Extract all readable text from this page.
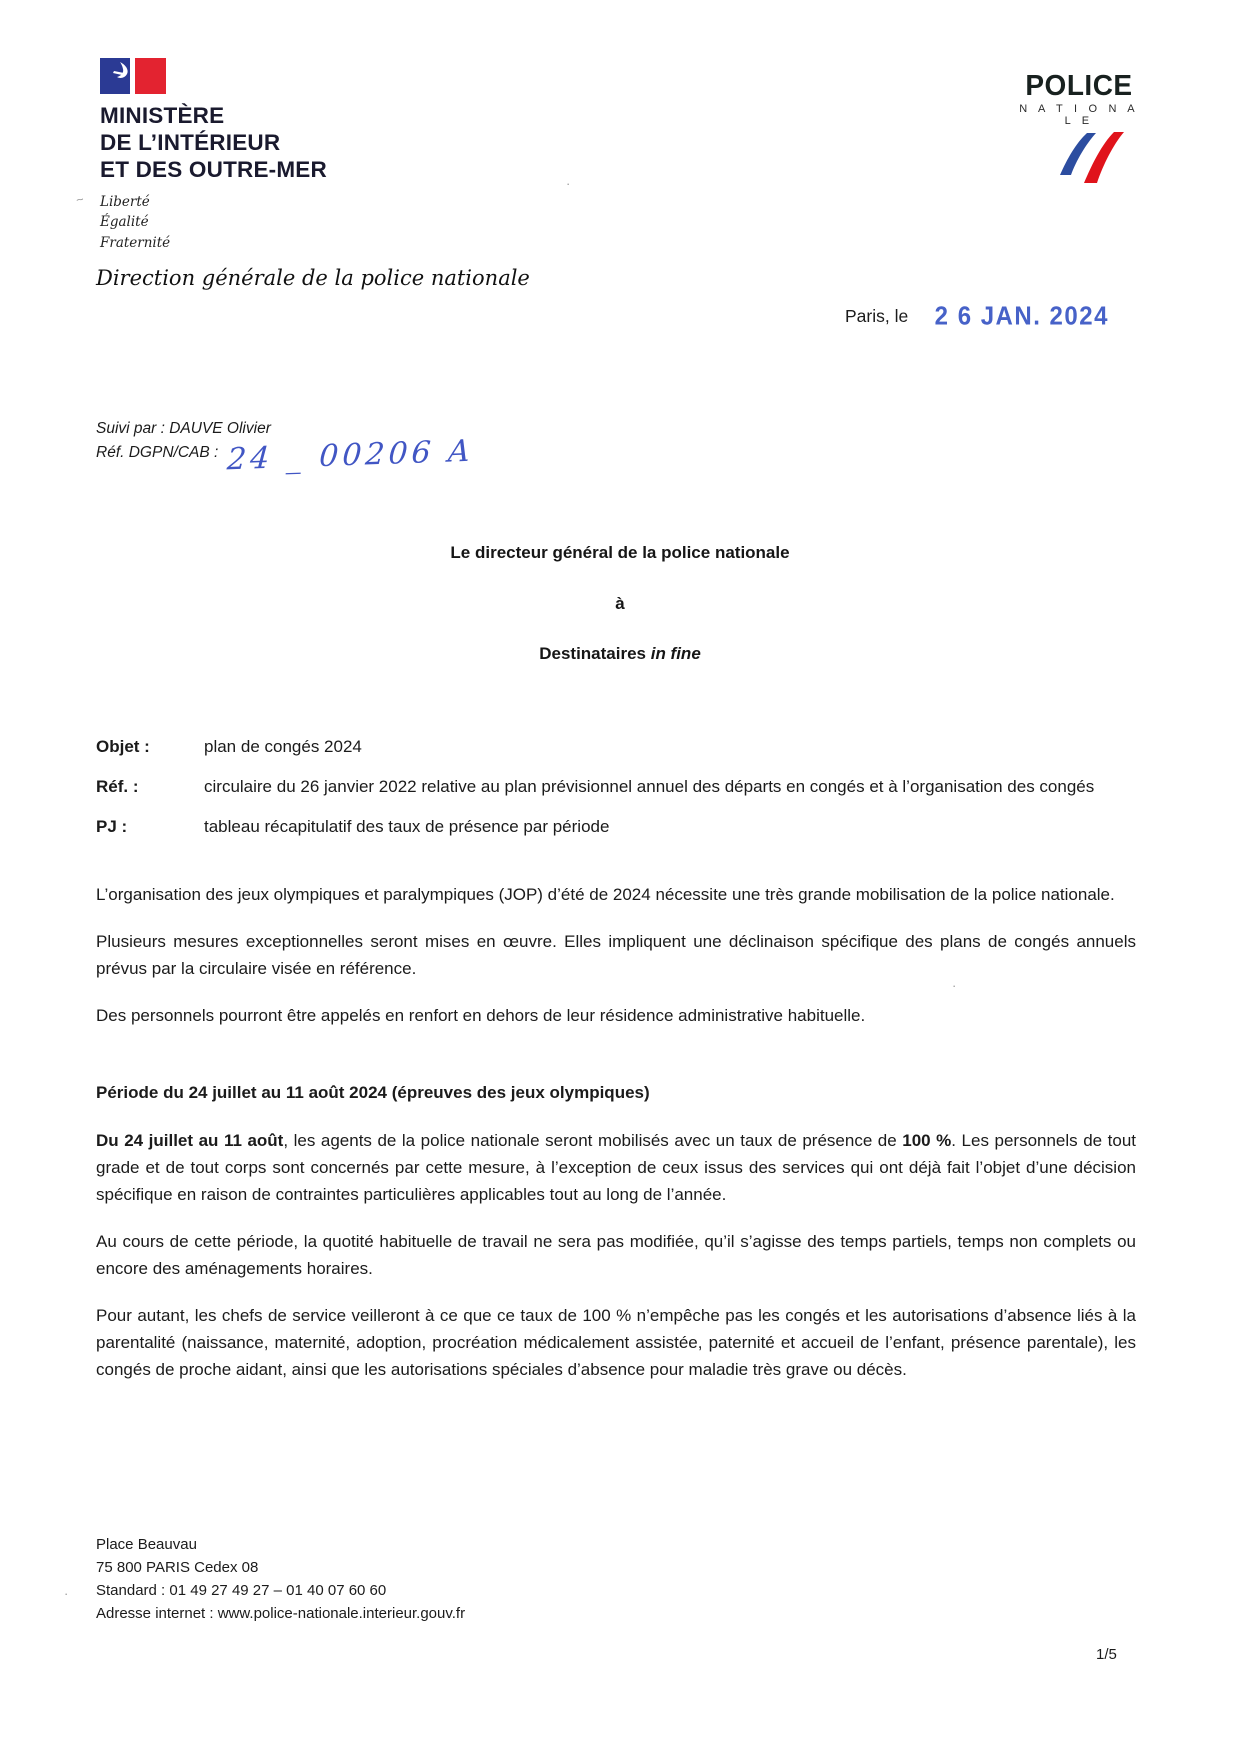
MINISTÈRE
DE L’INTÉRIEUR
ET DES OUTRE-MER
Liberté
Égalité
Fraternité
POLICE
N A T I O N A L E
Direction générale de la police nationale
Paris, le 2 6 JAN. 2024
Suivi par : DAUVE Olivier
Réf. DGPN/CAB : 24 _ 00206 A
Le directeur général de la police nationale
à
Destinataires in fine
Objet :	plan de congés 2024
Réf. :	circulaire du 26 janvier 2022 relative au plan prévisionnel annuel des départs en congés et à l’organisation des congés
PJ :	tableau récapitulatif des taux de présence par période

L’organisation des jeux olympiques et paralympiques (JOP) d’été de 2024 nécessite une très grande mobilisation de la police nationale.

Plusieurs mesures exceptionnelles seront mises en œuvre. Elles impliquent une déclinaison spécifique des plans de congés annuels prévus par la circulaire visée en référence.

Des personnels pourront être appelés en renfort en dehors de leur résidence administrative habituelle.

Période du 24 juillet au 11 août 2024 (épreuves des jeux olympiques)

Du 24 juillet au 11 août, les agents de la police nationale seront mobilisés avec un taux de présence de 100 %. Les personnels de tout grade et de tout corps sont concernés par cette mesure, à l’exception de ceux issus des services qui ont déjà fait l’objet d’une décision spécifique en raison de contraintes particulières applicables tout au long de l’année.

Au cours de cette période, la quotité habituelle de travail ne sera pas modifiée, qu’il s’agisse des temps partiels, temps non complets ou encore des aménagements horaires.

Pour autant, les chefs de service veilleront à ce que ce taux de 100 % n’empêche pas les congés et les autorisations d’absence liés à la parentalité (naissance, maternité, adoption, procréation médicalement assistée, paternité et accueil de l’enfant, présence parentale), les congés de proche aidant, ainsi que les autorisations spéciales d’absence pour maladie très grave ou décès.

Place Beauvau
75 800 PARIS Cedex 08
Standard : 01 49 27 49 27 – 01 40 07 60 60
Adresse internet : www.police-nationale.interieur.gouv.fr
1/5
~
·
·
·
